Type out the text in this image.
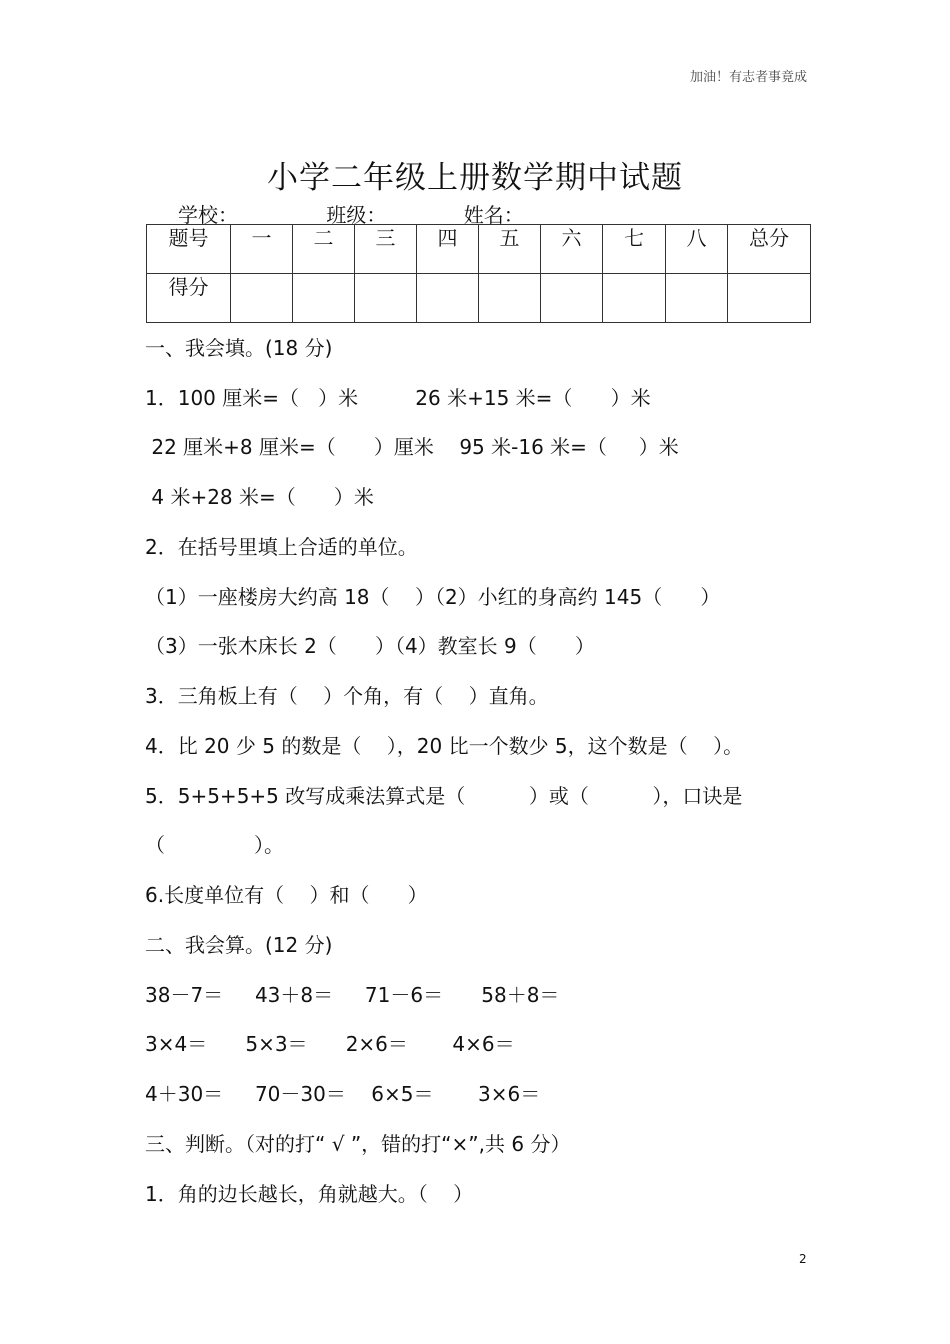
加油！有志者事竟成
小学二年级上册数学期中试题
学校：	班级：	姓名：
题号	一	二	三	四	五	六	七	八	总分
得分									
一、我会填。(18 分)
1．100 厘米=（   ）米         26 米+15 米=（      ）米
22 厘米+8 厘米=（      ）厘米    95 米-16 米=（     ）米
4 米+28 米=（      ）米
2．在括号里填上合适的单位。
（1）一座楼房大约高 18（    ）（2）小红的身高约 145（      ）
（3）一张木床长 2（      ）（4）教室长 9（      ）
3．三角板上有（    ）个角，有（    ）直角。
4．比 20 少 5 的数是（    ），20 比一个数少 5，这个数是（    ）。
5．5+5+5+5 改写成乘法算式是（          ）或（          ），口诀是
（              ）。
6.长度单位有（    ）和（      ）
二、我会算。(12 分)
38－7＝     43＋8＝     71－6＝      58＋8＝
3×4＝      5×3＝      2×6＝       4×6＝
4＋30＝     70－30＝    6×5＝       3×6＝
三、判断。（对的打“ √ ”，错的打“×”,共 6 分）
1．角的边长越长，角就越大。（    ）
2
